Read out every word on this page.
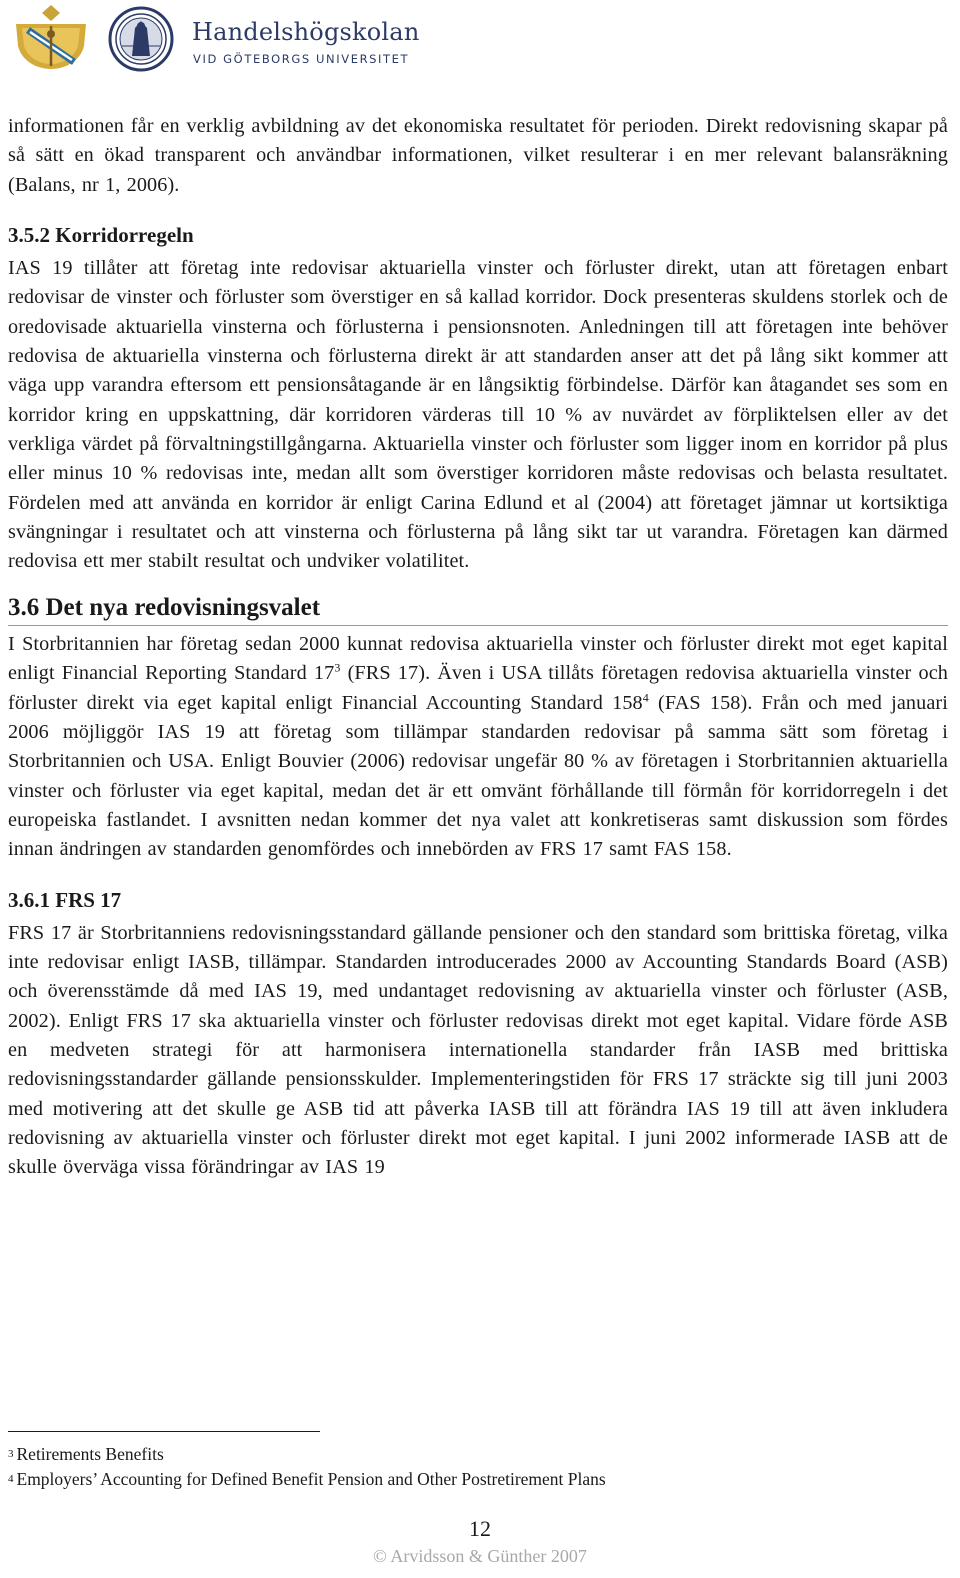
Handelshögskolan
VID GÖTEBORGS UNIVERSITET

informationen får en verklig avbildning av det ekonomiska resultatet för perioden. Direkt redovisning skapar på så sätt en ökad transparent och användbar informationen, vilket resulterar i en mer relevant balansräkning (Balans, nr 1, 2006).

3.5.2 Korridorregeln

IAS 19 tillåter att företag inte redovisar aktuariella vinster och förluster direkt, utan att företagen enbart redovisar de vinster och förluster som överstiger en så kallad korridor. Dock presenteras skuldens storlek och de oredovisade aktuariella vinsterna och förlusterna i pensionsnoten. Anledningen till att företagen inte behöver redovisa de aktuariella vinsterna och förlusterna direkt är att standarden anser att det på lång sikt kommer att väga upp varandra eftersom ett pensionsåtagande är en långsiktig förbindelse. Därför kan åtagandet ses som en korridor kring en uppskattning, där korridoren värderas till 10 % av nuvärdet av förpliktelsen eller av det verkliga värdet på förvaltningstillgångarna. Aktuariella vinster och förluster som ligger inom en korridor på plus eller minus 10 % redovisas inte, medan allt som överstiger korridoren måste redovisas och belasta resultatet. Fördelen med att använda en korridor är enligt Carina Edlund et al (2004) att företaget jämnar ut kortsiktiga svängningar i resultatet och att vinsterna och förlusterna på lång sikt tar ut varandra. Företagen kan därmed redovisa ett mer stabilt resultat och undviker volatilitet.

3.6 Det nya redovisningsvalet

I Storbritannien har företag sedan 2000 kunnat redovisa aktuariella vinster och förluster direkt mot eget kapital enligt Financial Reporting Standard $17^3$ (FRS 17). Även i USA tillåts företagen redovisa aktuariella vinster och förluster direkt via eget kapital enligt Financial Accounting Standard $158^4$ (FAS 158). Från och med januari 2006 möjliggör IAS 19 att företag som tillämpar standarden redovisar på samma sätt som företag i Storbritannien och USA. Enligt Bouvier (2006) redovisar ungefär 80 % av företagen i Storbritannien aktuariella vinster och förluster via eget kapital, medan det är ett omvänt förhållande till förmån för korridorregeln i det europeiska fastlandet. I avsnitten nedan kommer det nya valet att konkretiseras samt diskussion som fördes innan ändringen av standarden genomfördes och innebörden av FRS 17 samt FAS 158.

3.6.1 FRS 17

FRS 17 är Storbritanniens redovisningsstandard gällande pensioner och den standard som brittiska företag, vilka inte redovisar enligt IASB, tillämpar. Standarden introducerades 2000 av Accounting Standards Board (ASB) och överensstämde då med IAS 19, med undantaget redovisning av aktuariella vinster och förluster (ASB, 2002). Enligt FRS 17 ska aktuariella vinster och förluster redovisas direkt mot eget kapital. Vidare förde ASB en medveten strategi för att harmonisera internationella standarder från IASB med brittiska redovisningsstandarder gällande pensionsskulder. Implementeringstiden för FRS 17 sträckte sig till juni 2003 med motivering att det skulle ge ASB tid att påverka IASB till att förändra IAS 19 till att även inkludera redovisning av aktuariella vinster och förluster direkt mot eget kapital. I juni 2002 informerade IASB att de skulle överväga vissa förändringar av IAS 19

3 Retirements Benefits
4 Employers’ Accounting for Defined Benefit Pension and Other Postretirement Plans
12
© Arvidsson & Günther 2007
